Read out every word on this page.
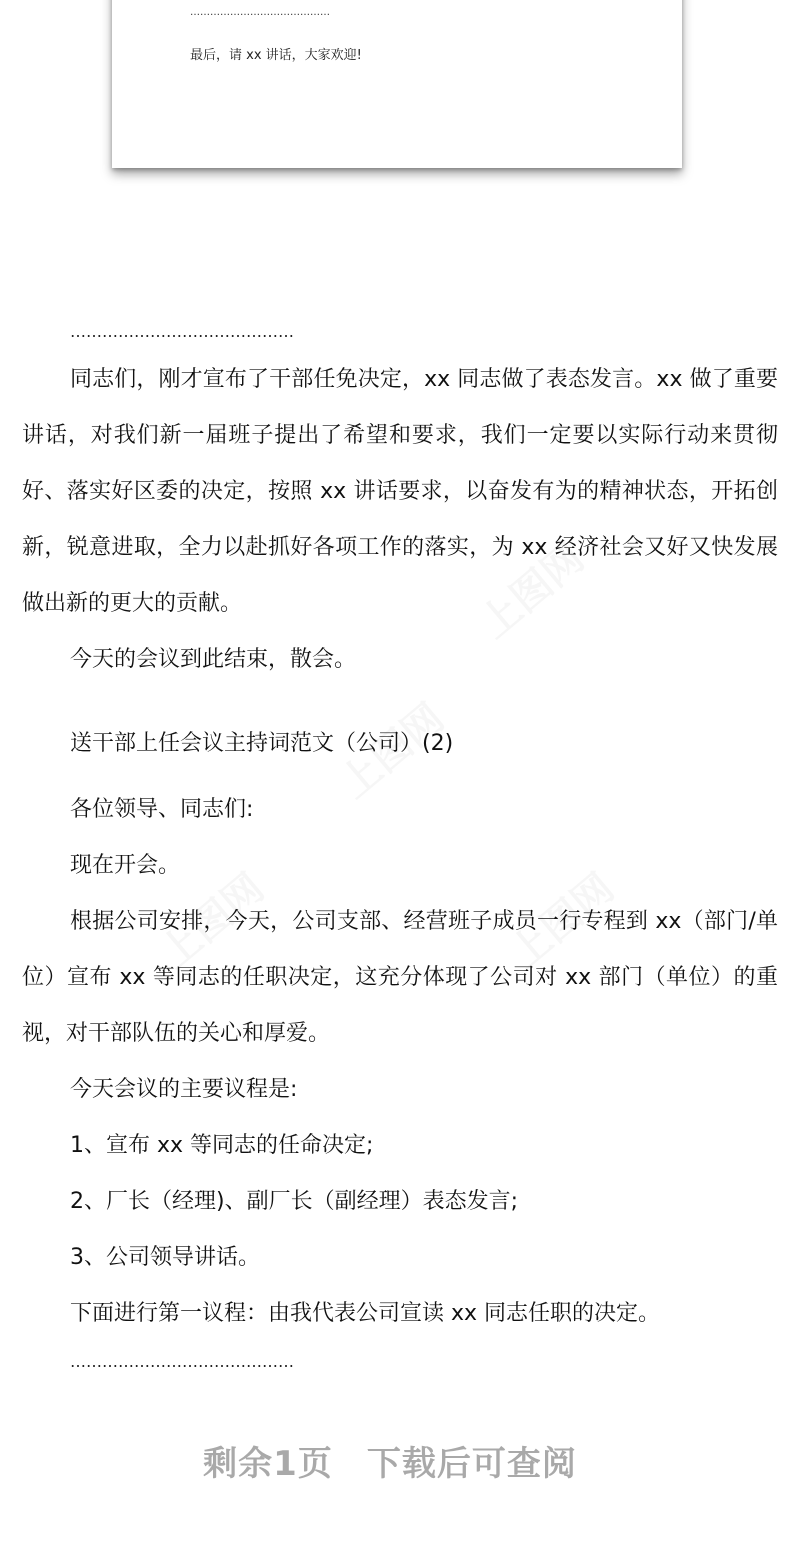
……………………………………
最后，请 xx 讲话，大家欢迎!
……………………………………

同志们，刚才宣布了干部任免决定，xx 同志做了表态发言。xx 做了重要讲话，对我们新一届班子提出了希望和要求，我们一定要以实际行动来贯彻好、落实好区委的决定，按照 xx 讲话要求，以奋发有为的精神状态，开拓创新，锐意进取，全力以赴抓好各项工作的落实，为 xx 经济社会又好又快发展做出新的更大的贡献。

今天的会议到此结束，散会。

送干部上任会议主持词范文（公司）(2)

各位领导、同志们:

现在开会。

根据公司安排，今天，公司支部、经营班子成员一行专程到 xx（部门/单位）宣布 xx 等同志的任职决定，这充分体现了公司对 xx 部门（单位）的重视，对干部队伍的关心和厚爱。

今天会议的主要议程是:

1、宣布 xx 等同志的任命决定;

2、厂长（经理)、副厂长（副经理）表态发言;

3、公司领导讲话。

下面进行第一议程：由我代表公司宣读 xx 同志任职的决定。

……………………………………
剩余1页 下载后可查阅
